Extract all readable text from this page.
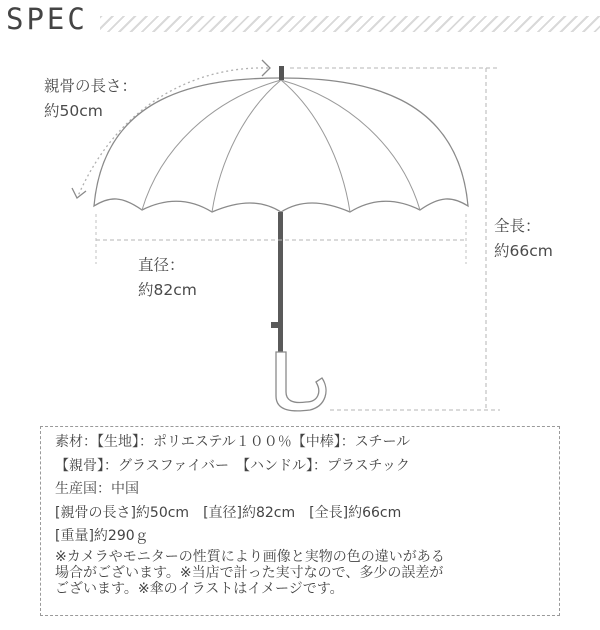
SPEC
親骨の長さ：
約50cm
直径：
約82cm
全長：
約66cm
素材：【生地】：ポリエステル１００％【中棒】：スチール
【親骨】：グラスファイバー　【ハンドル】：プラスチック
生産国：中国
[親骨の長さ]約50cm　[直径]約82cm　[全長]約66cm
[重量]約290ｇ
※カメラやモニターの性質により画像と実物の色の違いがある
場合がございます。※当店で計った実寸なので、多少の誤差が
ございます。※傘のイラストはイメージです。
